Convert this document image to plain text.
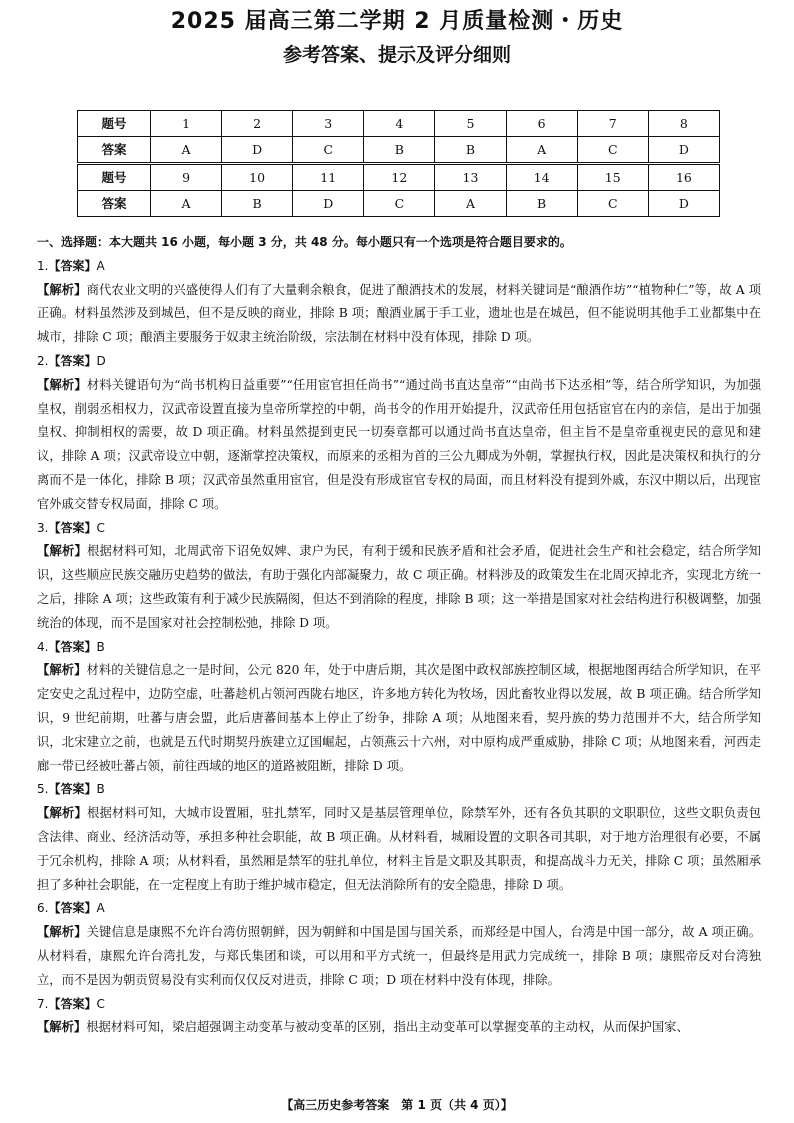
2025 届高三第二学期 2 月质量检测・历史
参考答案、提示及评分细则
题号	1	2	3	4	5	6	7	8
答案	A	D	C	B	B	A	C	D
题号	9	10	11	12	13	14	15	16
答案	A	B	D	C	A	B	C	D
一、选择题：本大题共 16 小题，每小题 3 分，共 48 分。每小题只有一个选项是符合题目要求的。
1.【答案】A
【解析】商代农业文明的兴盛使得人们有了大量剩余粮食，促进了酿酒技术的发展，材料关键词是“酿酒作坊”“植物种仁”等，故 A 项正确。材料虽然涉及到城邑，但不是反映的商业，排除 B 项；酿酒业属于手工业，遗址也是在城邑，但不能说明其他手工业都集中在城市，排除 C 项；酿酒主要服务于奴隶主统治阶级，宗法制在材料中没有体现，排除 D 项。
2.【答案】D
【解析】材料关键语句为“尚书机构日益重要”“任用宦官担任尚书”“通过尚书直达皇帝”“由尚书下达丞相”等，结合所学知识，为加强皇权，削弱丞相权力，汉武帝设置直接为皇帝所掌控的中朝，尚书令的作用开始提升，汉武帝任用包括宦官在内的亲信，是出于加强皇权、抑制相权的需要，故 D 项正确。材料虽然提到吏民一切奏章都可以通过尚书直达皇帝，但主旨不是皇帝重视吏民的意见和建议，排除 A 项；汉武帝设立中朝，逐渐掌控决策权，而原来的丞相为首的三公九卿成为外朝，掌握执行权，因此是决策权和执行的分离而不是一体化，排除 B 项；汉武帝虽然重用宦官，但是没有形成宦官专权的局面，而且材料没有提到外戚，东汉中期以后，出现宦官外戚交替专权局面，排除 C 项。
3.【答案】C
【解析】根据材料可知，北周武帝下诏免奴婢、隶户为民，有利于缓和民族矛盾和社会矛盾，促进社会生产和社会稳定，结合所学知识，这些顺应民族交融历史趋势的做法，有助于强化内部凝聚力，故 C 项正确。材料涉及的政策发生在北周灭掉北齐，实现北方统一之后，排除 A 项；这些政策有利于减少民族隔阂，但达不到消除的程度，排除 B 项；这一举措是国家对社会结构进行积极调整，加强统治的体现，而不是国家对社会控制松弛，排除 D 项。
4.【答案】B
【解析】材料的关键信息之一是时间，公元 820 年，处于中唐后期，其次是图中政权部族控制区域，根据地图再结合所学知识，在平定安史之乱过程中，边防空虚，吐蕃趁机占领河西陇右地区，许多地方转化为牧场，因此畜牧业得以发展，故 B 项正确。结合所学知识，9 世纪前期，吐蕃与唐会盟，此后唐蕃间基本上停止了纷争，排除 A 项；从地图来看，契丹族的势力范围并不大，结合所学知识，北宋建立之前，也就是五代时期契丹族建立辽国崛起，占领燕云十六州，对中原构成严重威胁，排除 C 项；从地图来看，河西走廊一带已经被吐蕃占领，前往西域的地区的道路被阻断，排除 D 项。
5.【答案】B
【解析】根据材料可知，大城市设置厢，驻扎禁军，同时又是基层管理单位，除禁军外，还有各负其职的文职职位，这些文职负责包含法律、商业、经济活动等，承担多种社会职能，故 B 项正确。从材料看，城厢设置的文职各司其职，对于地方治理很有必要，不属于冗余机构，排除 A 项；从材料看，虽然厢是禁军的驻扎单位，材料主旨是文职及其职责，和提高战斗力无关，排除 C 项；虽然厢承担了多种社会职能，在一定程度上有助于维护城市稳定，但无法消除所有的安全隐患，排除 D 项。
6.【答案】A
【解析】关键信息是康熙不允许台湾仿照朝鲜，因为朝鲜和中国是国与国关系，而郑经是中国人，台湾是中国一部分，故 A 项正确。从材料看，康熙允许台湾扎发，与郑氏集团和谈，可以用和平方式统一，但最终是用武力完成统一，排除 B 项；康熙帝反对台湾独立，而不是因为朝贡贸易没有实利而仅仅反对进贡，排除 C 项；D 项在材料中没有体现，排除。
7.【答案】C
【解析】根据材料可知，梁启超强调主动变革与被动变革的区别，指出主动变革可以掌握变革的主动权，从而保护国家、
【高三历史参考答案　第 1 页（共 4 页）】
